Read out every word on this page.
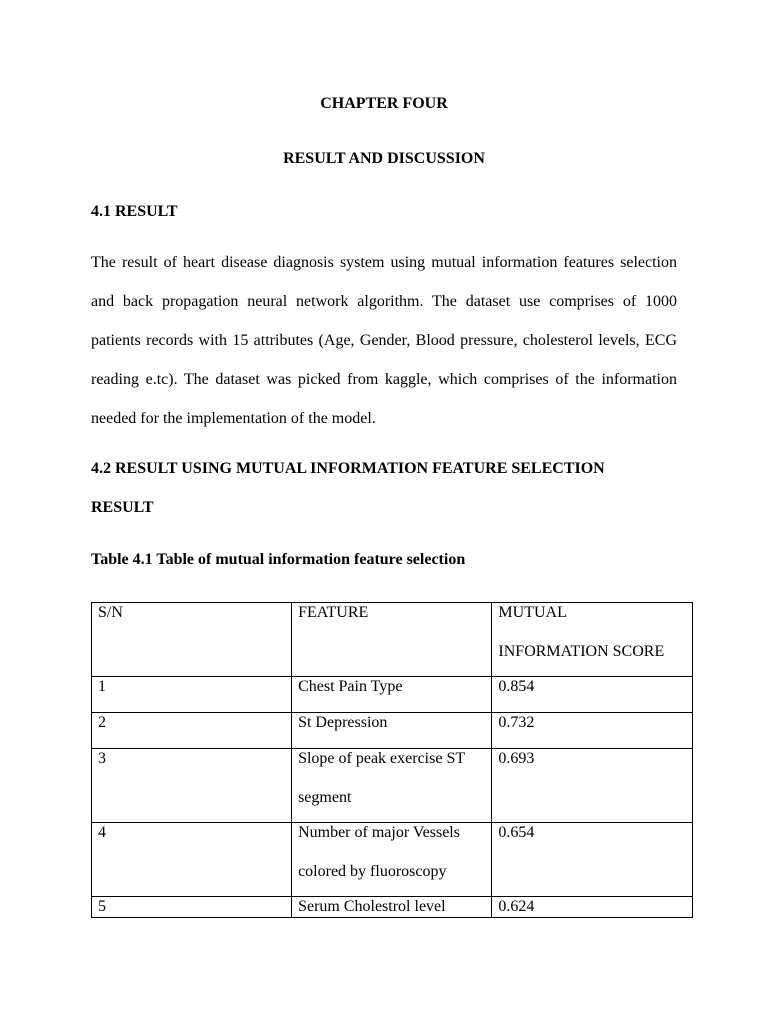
CHAPTER FOUR
RESULT AND DISCUSSION
4.1 RESULT
The result of heart disease diagnosis system using mutual information features selection
and back propagation neural network algorithm. The dataset use comprises of 1000
patients records with 15 attributes (Age, Gender, Blood pressure, cholesterol levels, ECG
reading e.tc). The dataset was picked from kaggle, which comprises of the information
needed for the implementation of the model.
4.2 RESULT USING MUTUAL INFORMATION FEATURE SELECTION
RESULT
Table 4.1 Table of mutual information feature selection
S/N	FEATURE	MUTUAL
INFORMATION SCORE

1	Chest Pain Type	0.854

2	St Depression	0.732

3	Slope of peak exercise ST
segment	0.693

4	Number of major Vessels
colored by fluoroscopy	0.654

5	Serum Cholestrol level	0.624
